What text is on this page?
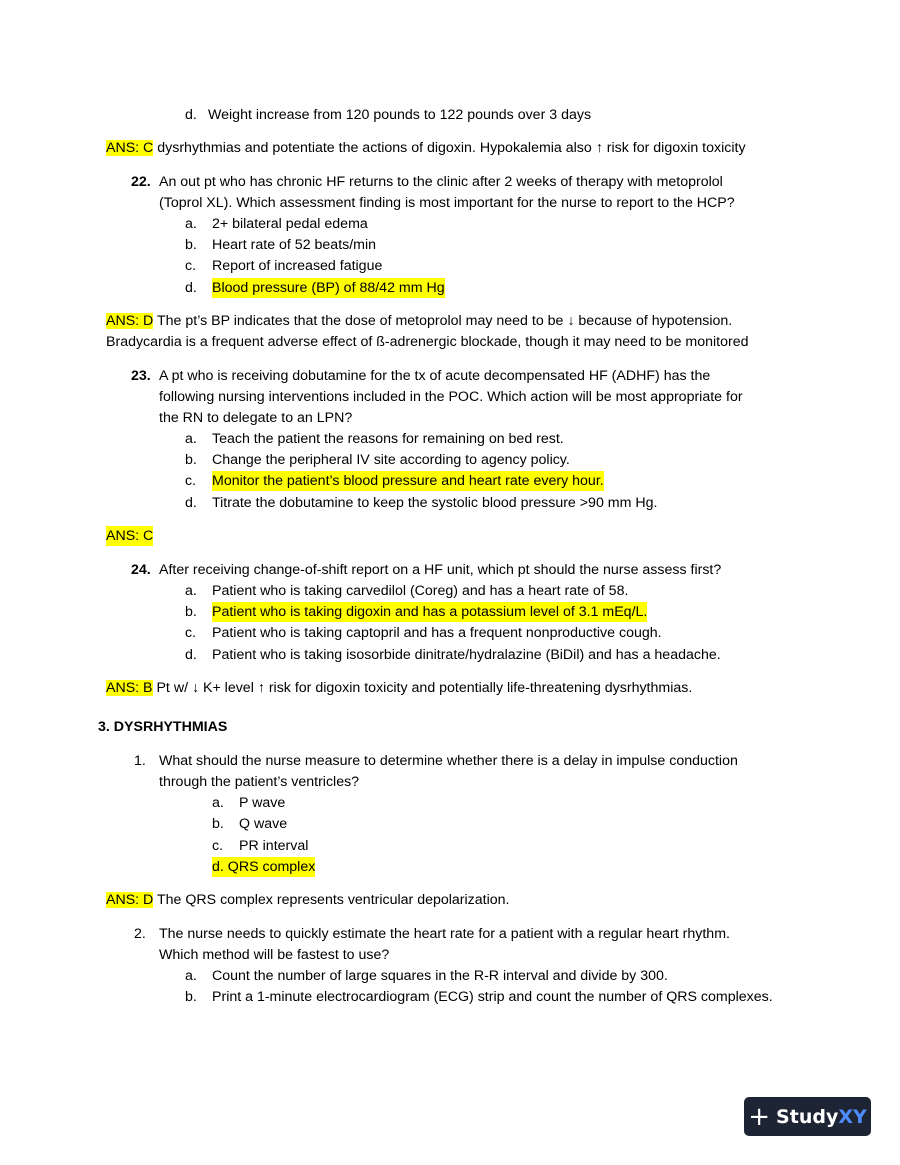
d. Weight increase from 120 pounds to 122 pounds over 3 days
ANS: C dysrhythmias and potentiate the actions of digoxin. Hypokalemia also ↑ risk for digoxin toxicity
22. An out pt who has chronic HF returns to the clinic after 2 weeks of therapy with metoprolol
(Toprol XL). Which assessment finding is most important for the nurse to report to the HCP?
a. 2+ bilateral pedal edema
b. Heart rate of 52 beats/min
c. Report of increased fatigue
d. Blood pressure (BP) of 88/42 mm Hg
ANS: D The pt’s BP indicates that the dose of metoprolol may need to be ↓ because of hypotension.
Bradycardia is a frequent adverse effect of ß-adrenergic blockade, though it may need to be monitored
23. A pt who is receiving dobutamine for the tx of acute decompensated HF (ADHF) has the
following nursing interventions included in the POC. Which action will be most appropriate for
the RN to delegate to an LPN?
a. Teach the patient the reasons for remaining on bed rest.
b. Change the peripheral IV site according to agency policy.
c. Monitor the patient’s blood pressure and heart rate every hour.
d. Titrate the dobutamine to keep the systolic blood pressure >90 mm Hg.
ANS: C
24. After receiving change-of-shift report on a HF unit, which pt should the nurse assess first?
a. Patient who is taking carvedilol (Coreg) and has a heart rate of 58.
b. Patient who is taking digoxin and has a potassium level of 3.1 mEq/L.
c. Patient who is taking captopril and has a frequent nonproductive cough.
d. Patient who is taking isosorbide dinitrate/hydralazine (BiDil) and has a headache.
ANS: B Pt w/ ↓ K+ level ↑ risk for digoxin toxicity and potentially life-threatening dysrhythmias.
3. DYSRHYTHMIAS
1. What should the nurse measure to determine whether there is a delay in impulse conduction
through the patient’s ventricles?
a. P wave
b. Q wave
c. PR interval
d. QRS complex
ANS: D The QRS complex represents ventricular depolarization.
2. The nurse needs to quickly estimate the heart rate for a patient with a regular heart rhythm.
Which method will be fastest to use?
a. Count the number of large squares in the R-R interval and divide by 300.
b. Print a 1-minute electrocardiogram (ECG) strip and count the number of QRS complexes.
+ Study XY
